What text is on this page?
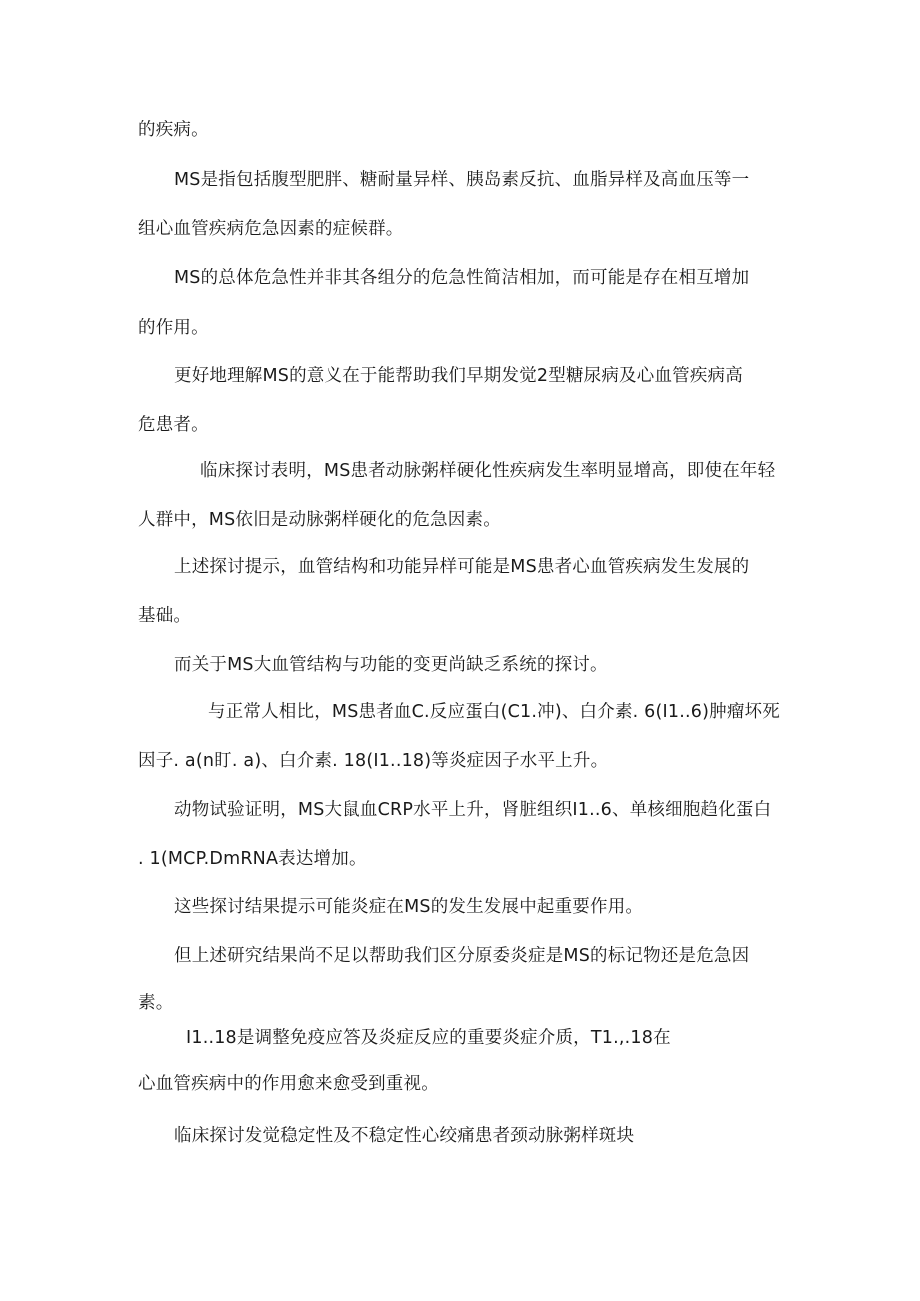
的疾病。
MS是指包括腹型肥胖、糖耐量异样、胰岛素反抗、血脂异样及高血压等一
组心血管疾病危急因素的症候群。
MS的总体危急性并非其各组分的危急性简洁相加，而可能是存在相互增加
的作用。
更好地理解MS的意义在于能帮助我们早期发觉2型糖尿病及心血管疾病高
危患者。
临床探讨表明，MS患者动脉粥样硬化性疾病发生率明显增高，即使在年轻
人群中，MS依旧是动脉粥样硬化的危急因素。
上述探讨提示，血管结构和功能异样可能是MS患者心血管疾病发生发展的
基础。
而关于MS大血管结构与功能的变更尚缺乏系统的探讨。
与正常人相比，MS患者血C.反应蛋白(C1.冲)、白介素. 6(I1..6)肿瘤坏死
因子. a(n盯. a)、白介素. 18(I1..18)等炎症因子水平上升。
动物试验证明，MS大鼠血CRP水平上升，肾脏组织I1..6、单核细胞趋化蛋白
. 1(MCP.DmRNA表达增加。
这些探讨结果提示可能炎症在MS的发生发展中起重要作用。
但上述研究结果尚不足以帮助我们区分原委炎症是MS的标记物还是危急因
素。
I1..18是调整免疫应答及炎症反应的重要炎症介质，T1.,.18在
心血管疾病中的作用愈来愈受到重视。
临床探讨发觉稳定性及不稳定性心绞痛患者颈动脉粥样斑块
